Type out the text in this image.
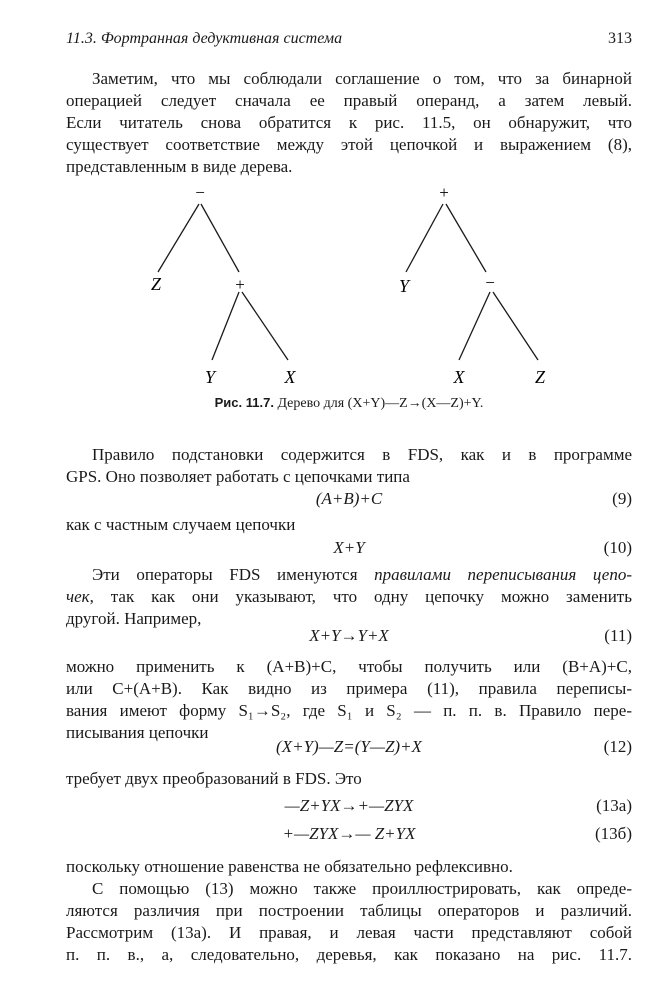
11.3. Фортранная дедуктивная система	313
Заметим, что мы соблюдали соглашение о том, что за бинарной
операцией следует сначала ее правый операнд, а затем левый.
Если читатель снова обратится к рис. 11.5, он обнаружит, что
существует соответствие между этой цепочкой и выражением (8),
представленным в виде дерева.
−
Z	+
Y	X
+
Y	−
X	Z
Рис. 11.7. Дерево для (X+Y)—Z→(X—Z)+Y.
Правило подстановки содержится в FDS, как и в программе
GPS. Оно позволяет работать с цепочками типа
(A+B)+C	(9)
как с частным случаем цепочки
X+Y	(10)
Эти операторы FDS именуются правилами переписывания цепо-
чек, так как они указывают, что одну цепочку можно заменить
другой. Например,
X+Y→Y+X	(11)
можно применить к (A+B)+C, чтобы получить или (B+A)+C,
или C+(A+B). Как видно из примера (11), правила переписы-
вания имеют форму S₁→S₂, где S₁ и S₂ — п. п. в. Правило пере-
писывания цепочки
(X+Y)—Z=(Y—Z)+X	(12)
требует двух преобразований в FDS. Это
—Z+YX→+—ZYX	(13а)
+—ZYX→— Z+YX	(13б)
поскольку отношение равенства не обязательно рефлексивно.
С помощью (13) можно также проиллюстрировать, как опреде-
ляются различия при построении таблицы операторов и различий.
Рассмотрим (13а). И правая, и левая части представляют собой
п. п. в., а, следовательно, деревья, как показано на рис. 11.7.
